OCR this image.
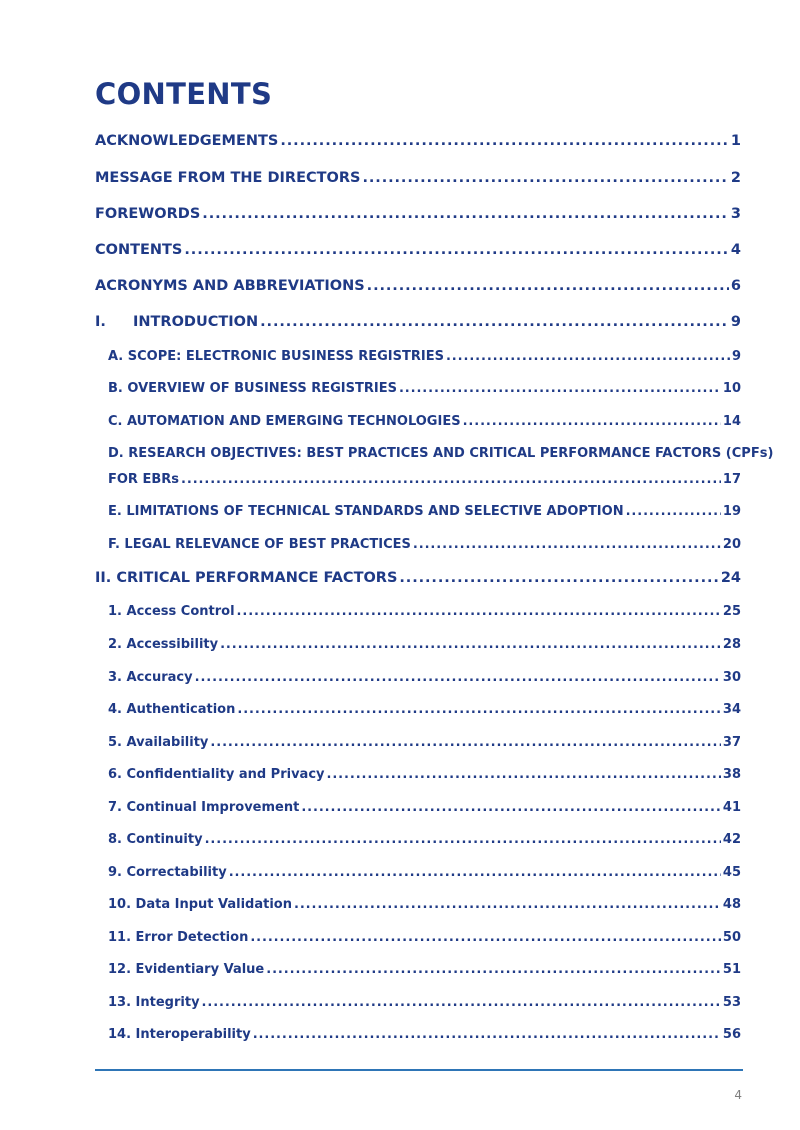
CONTENTS
ACKNOWLEDGEMENTS .....	1
MESSAGE FROM THE DIRECTORS .....	2
FOREWORDS .....	3
CONTENTS .....	4
ACRONYMS AND ABBREVIATIONS .....	6
I. INTRODUCTION .....	9
A. SCOPE: ELECTRONIC BUSINESS REGISTRIES .....	9
B. OVERVIEW OF BUSINESS REGISTRIES .....	10
C. AUTOMATION AND EMERGING TECHNOLOGIES .....	14
D. RESEARCH OBJECTIVES: BEST PRACTICES AND CRITICAL PERFORMANCE FACTORS (CPFs)
FOR EBRs .....	17
E. LIMITATIONS OF TECHNICAL STANDARDS AND SELECTIVE ADOPTION .....	19
F. LEGAL RELEVANCE OF BEST PRACTICES .....	20
II. CRITICAL PERFORMANCE FACTORS .....	24
1. Access Control .....	25
2. Accessibility .....	28
3. Accuracy .....	30
4. Authentication .....	34
5. Availability .....	37
6. Confidentiality and Privacy .....	38
7. Continual Improvement .....	41
8. Continuity .....	42
9. Correctability .....	45
10. Data Input Validation .....	48
11. Error Detection .....	50
12. Evidentiary Value .....	51
13. Integrity .....	53
14. Interoperability .....	56
4
